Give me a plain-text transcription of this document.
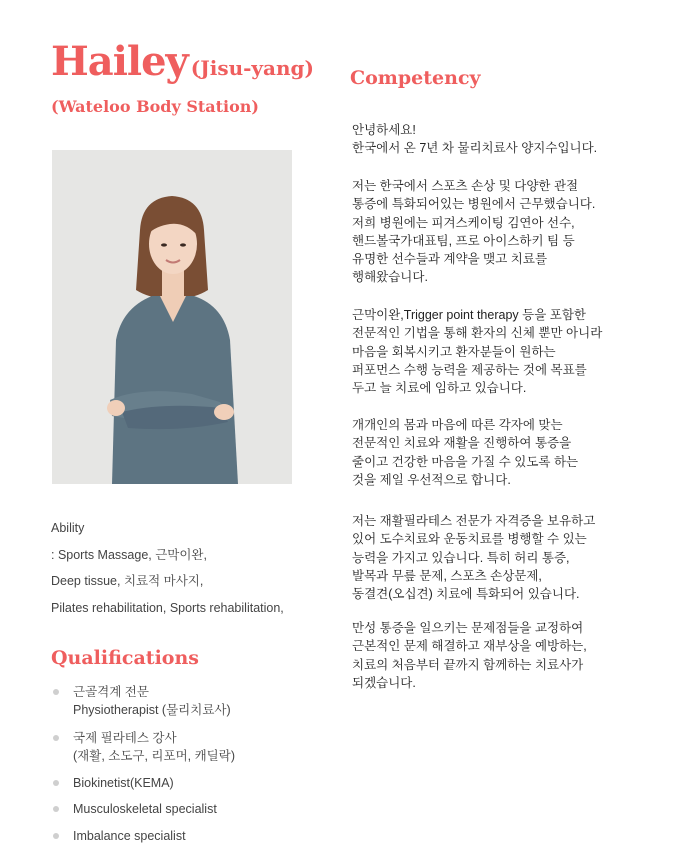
Hailey (Jisu-yang)
(Wateloo Body Station)
Competency
Ability
: Sports Massage, 근막이완,
Deep tissue, 치료적 마사지,
Pilates rehabilitation, Sports rehabilitation,
Qualifications
근골격계 전문
Physiotherapist (물리치료사)
국제 필라테스 강사
(재활, 소도구, 리포머, 캐딜락)
Biokinetist(KEMA)
Musculoskeletal specialist
Imbalance specialist
안녕하세요!
한국에서 온 7년 차 물리치료사 양지수입니다.
저는 한국에서 스포츠 손상 및 다양한 관절
통증에 특화되어있는 병원에서 근무했습니다.
저희 병원에는 피겨스케이팅 김연아 선수,
핸드볼국가대표팀, 프로 아이스하키 팀 등
유명한 선수들과 계약을 맺고 치료를
행해왔습니다.
근막이완,Trigger point therapy 등을 포함한
전문적인 기법을 통해 환자의 신체 뿐만 아니라
마음을 회복시키고 환자분들이 원하는
퍼포먼스 수행 능력을 제공하는 것에 목표를
두고 늘 치료에 임하고 있습니다.
개개인의 몸과 마음에 따른 각자에 맞는
전문적인 치료와 재활을 진행하여 통증을
줄이고 건강한 마음을 가질 수 있도록 하는
것을 제일 우선적으로 합니다.
저는 재활필라테스 전문가 자격증을 보유하고
있어 도수치료와 운동치료를 병행할 수 있는
능력을 가지고 있습니다. 특히 허리 통증,
발목과 무릎 문제, 스포츠 손상문제,
동결견(오십견) 치료에 특화되어 있습니다.
만성 통증을 일으키는 문제점들을 교정하여
근본적인 문제 해결하고 재부상을 예방하는,
치료의 처음부터 끝까지 함께하는 치료사가
되겠습니다.
